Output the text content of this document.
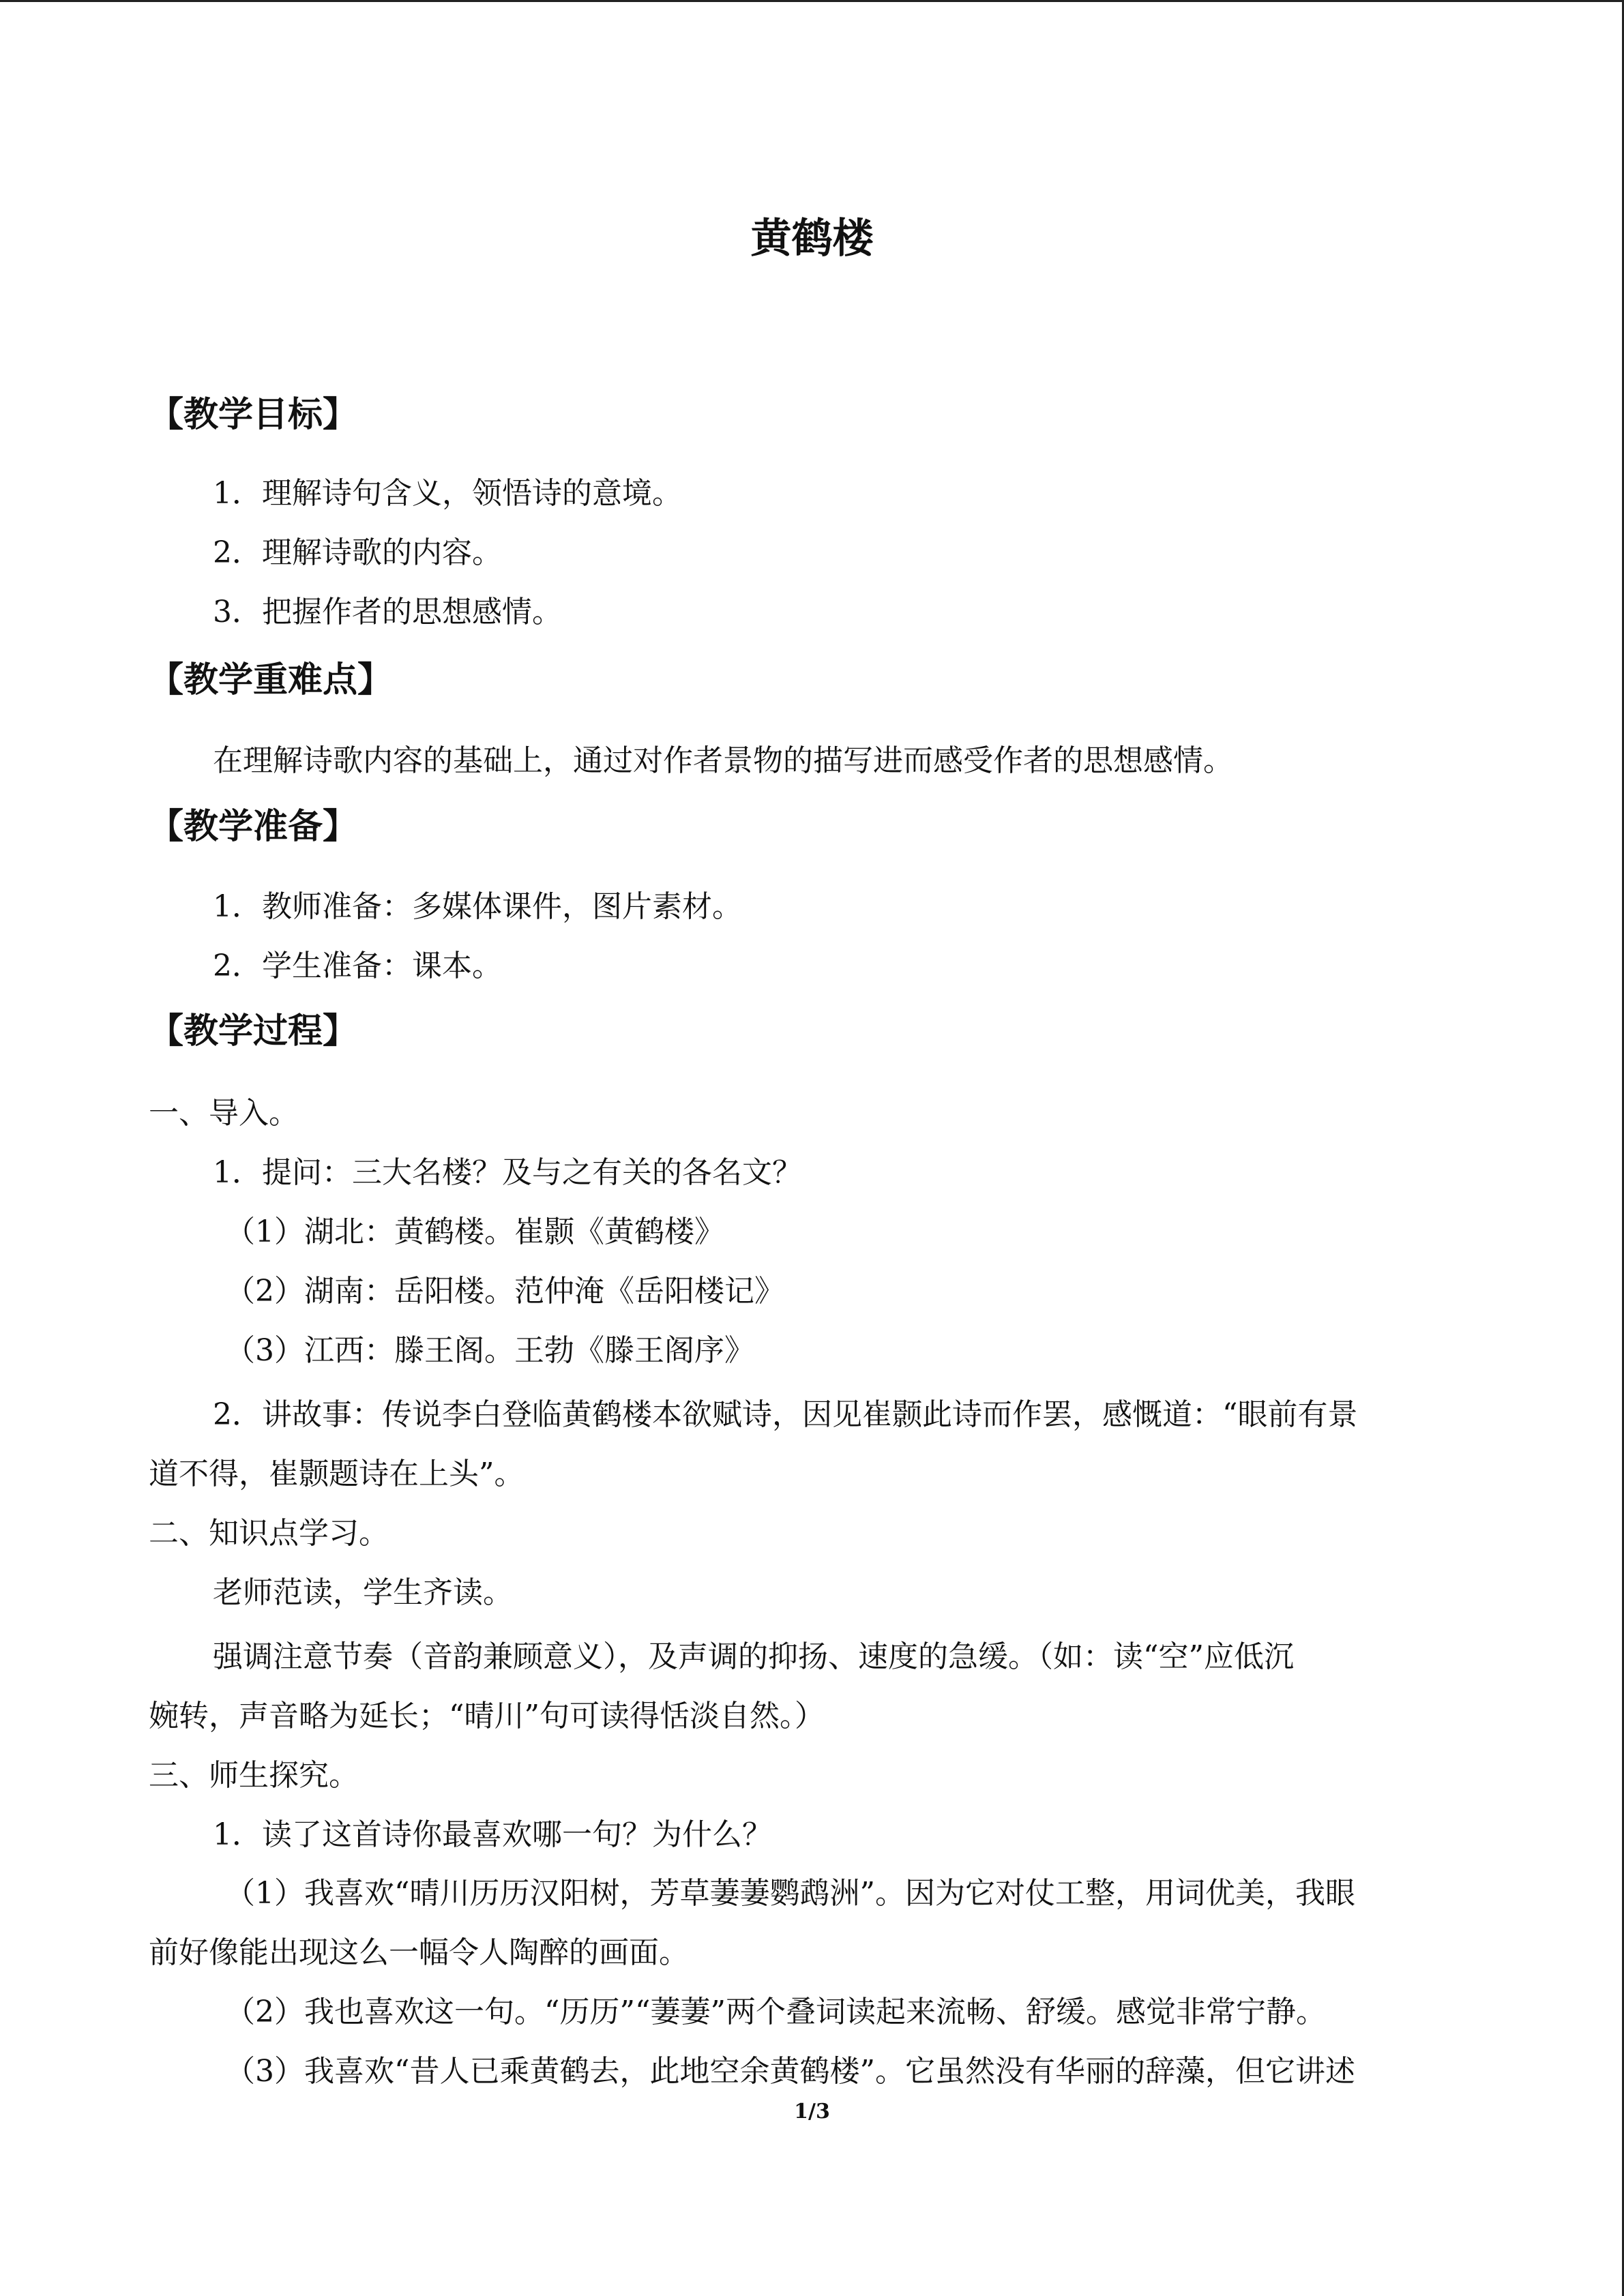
黄鹤楼
【教学目标】
1．理解诗句含义，领悟诗的意境。
2．理解诗歌的内容。
3．把握作者的思想感情。
【教学重难点】
在理解诗歌内容的基础上，通过对作者景物的描写进而感受作者的思想感情。
【教学准备】
1．教师准备：多媒体课件，图片素材。
2．学生准备：课本。
【教学过程】
一、导入。
1．提问：三大名楼？及与之有关的各名文？
（1）湖北：黄鹤楼。崔颢《黄鹤楼》
（2）湖南：岳阳楼。范仲淹《岳阳楼记》
（3）江西：滕王阁。王勃《滕王阁序》
2．讲故事：传说李白登临黄鹤楼本欲赋诗，因见崔颢此诗而作罢，感慨道：“眼前有景
道不得，崔颢题诗在上头”。
二、知识点学习。
老师范读，学生齐读。
强调注意节奏（音韵兼顾意义），及声调的抑扬、速度的急缓。（如：读“空”应低沉
婉转，声音略为延长；“晴川”句可读得恬淡自然。）
三、师生探究。
1．读了这首诗你最喜欢哪一句？为什么？
（1）我喜欢“晴川历历汉阳树，芳草萋萋鹦鹉洲”。因为它对仗工整，用词优美，我眼
前好像能出现这么一幅令人陶醉的画面。
（2）我也喜欢这一句。“历历”“萋萋”两个叠词读起来流畅、舒缓。感觉非常宁静。
（3）我喜欢“昔人已乘黄鹤去，此地空余黄鹤楼”。它虽然没有华丽的辞藻，但它讲述
1/3
